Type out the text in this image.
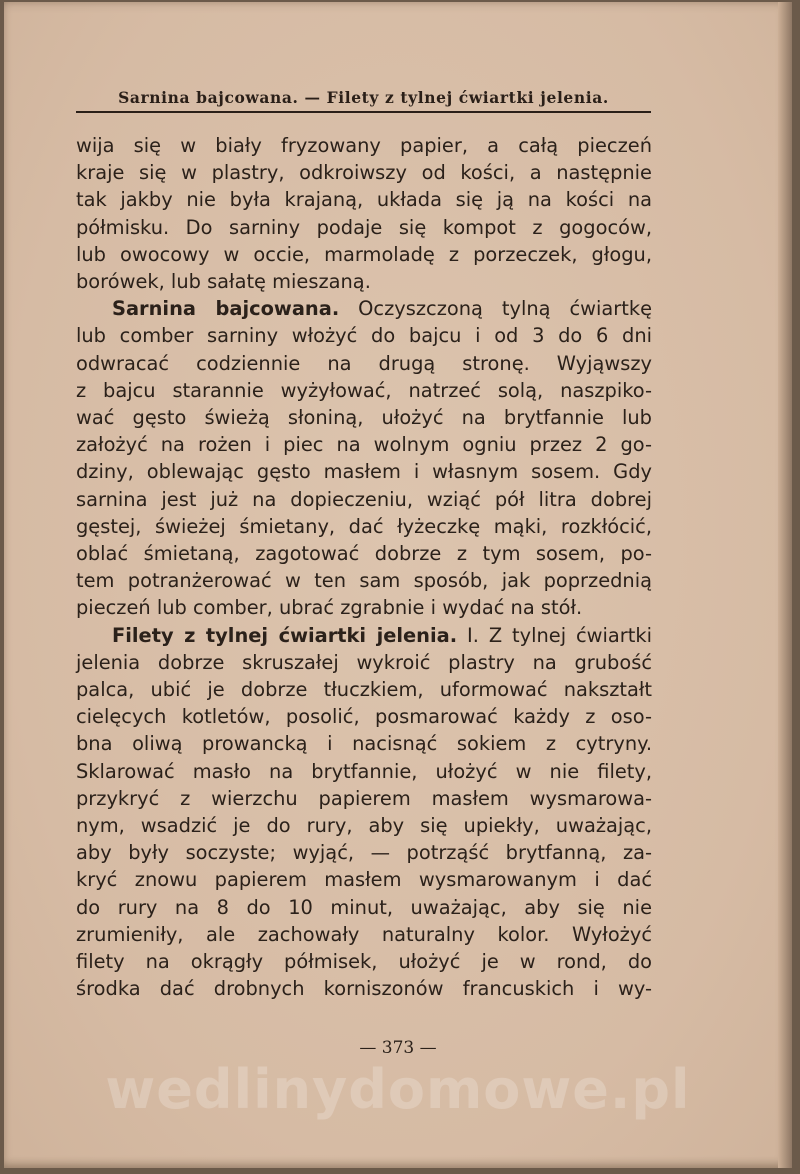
Sarnina bajcowana. — Filety z tylnej ćwiartki jelenia.
wija się w biały fryzowany papier, a całą pieczeń
kraje się w plastry, odkroiwszy od kości, a następnie
tak jakby nie była krajaną, układa się ją na kości na
półmisku. Do sarniny podaje się kompot z gogoców,
lub owocowy w occie, marmoladę z porzeczek, głogu,
borówek, lub sałatę mieszaną.
Sarnina bajcowana. Oczyszczoną tylną ćwiartkę
lub comber sarniny włożyć do bajcu i od 3 do 6 dni
odwracać codziennie na drugą stronę. Wyjąwszy
z bajcu starannie wyżyłować, natrzeć solą, naszpiko-
wać gęsto świeżą słoniną, ułożyć na brytfannie lub
założyć na rożen i piec na wolnym ogniu przez 2 go-
dziny, oblewając gęsto masłem i własnym sosem. Gdy
sarnina jest już na dopieczeniu, wziąć pół litra dobrej
gęstej, świeżej śmietany, dać łyżeczkę mąki, rozkłócić,
oblać śmietaną, zagotować dobrze z tym sosem, po-
tem potranżerować w ten sam sposób, jak poprzednią
pieczeń lub comber, ubrać zgrabnie i wydać na stół.
Filety z tylnej ćwiartki jelenia. I. Z tylnej ćwiartki
jelenia dobrze skruszałej wykroić plastry na grubość
palca, ubić je dobrze tłuczkiem, uformować nakształt
cielęcych kotletów, posolić, posmarować każdy z oso-
bna oliwą prowancką i nacisnąć sokiem z cytryny.
Sklarować masło na brytfannie, ułożyć w nie filety,
przykryć z wierzchu papierem masłem wysmarowa-
nym, wsadzić je do rury, aby się upiekły, uważając,
aby były soczyste; wyjąć, — potrząść brytfanną, za-
kryć znowu papierem masłem wysmarowanym i dać
do rury na 8 do 10 minut, uważając, aby się nie
zrumieniły, ale zachowały naturalny kolor. Wyłożyć
filety na okrągły półmisek, ułożyć je w rond, do
środka dać drobnych korniszonów francuskich i wy-
— 373 —
wedlinydomowe.pl
